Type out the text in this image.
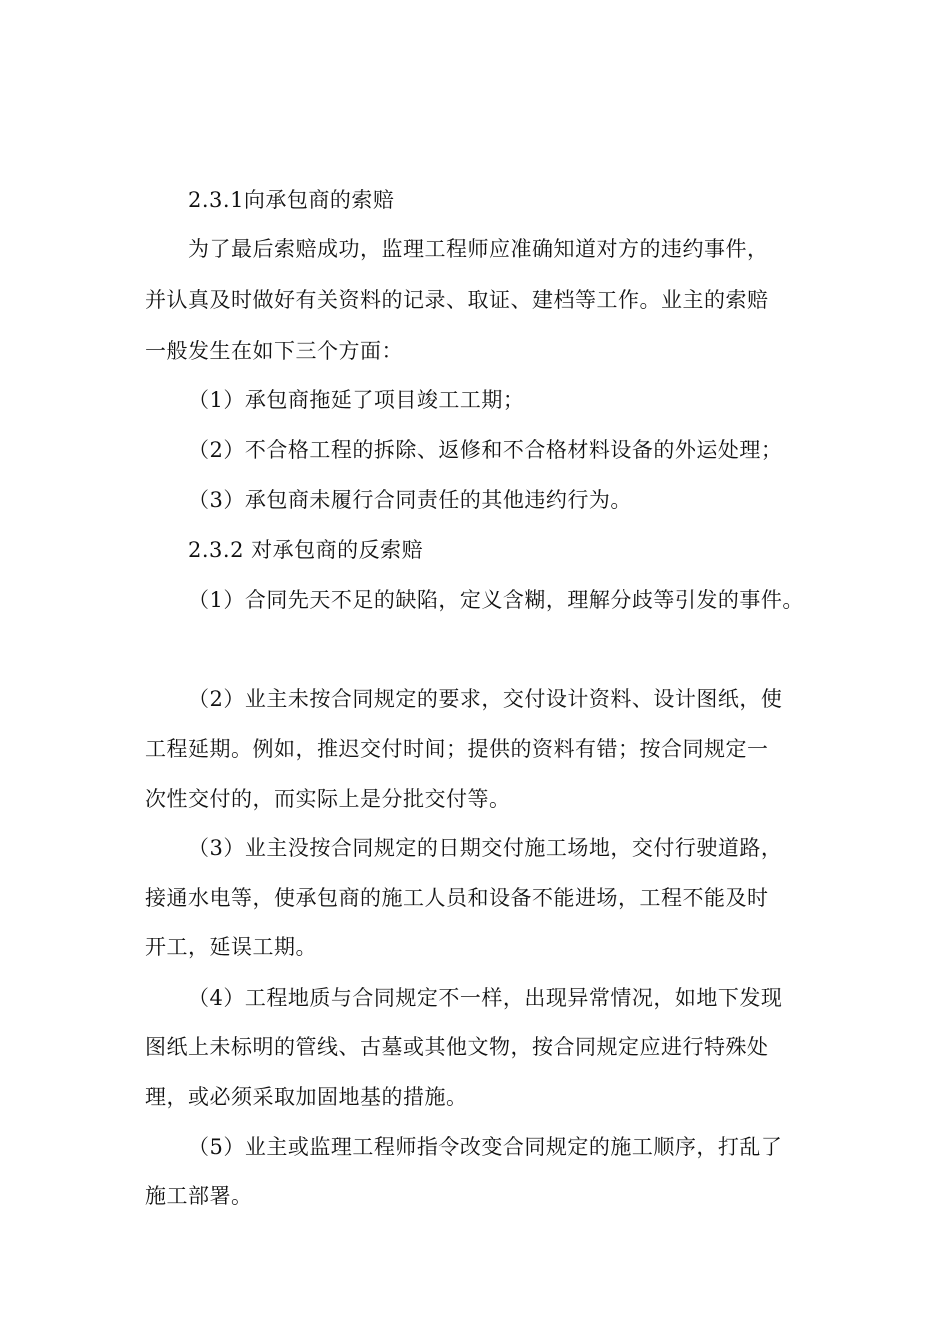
2.3.1向承包商的索赔
为了最后索赔成功，监理工程师应准确知道对方的违约事件，
并认真及时做好有关资料的记录、取证、建档等工作。业主的索赔
一般发生在如下三个方面：
（1）承包商拖延了项目竣工工期；
（2）不合格工程的拆除、返修和不合格材料设备的外运处理；
（3）承包商未履行合同责任的其他违约行为。
2.3.2 对承包商的反索赔
（1）合同先天不足的缺陷，定义含糊，理解分歧等引发的事件。
（2）业主未按合同规定的要求，交付设计资料、设计图纸，使
工程延期。例如，推迟交付时间；提供的资料有错；按合同规定一
次性交付的，而实际上是分批交付等。
（3）业主没按合同规定的日期交付施工场地，交付行驶道路，
接通水电等，使承包商的施工人员和设备不能进场，工程不能及时
开工，延误工期。
（4）工程地质与合同规定不一样，出现异常情况，如地下发现
图纸上未标明的管线、古墓或其他文物，按合同规定应进行特殊处
理，或必须采取加固地基的措施。
（5）业主或监理工程师指令改变合同规定的施工顺序，打乱了
施工部署。
